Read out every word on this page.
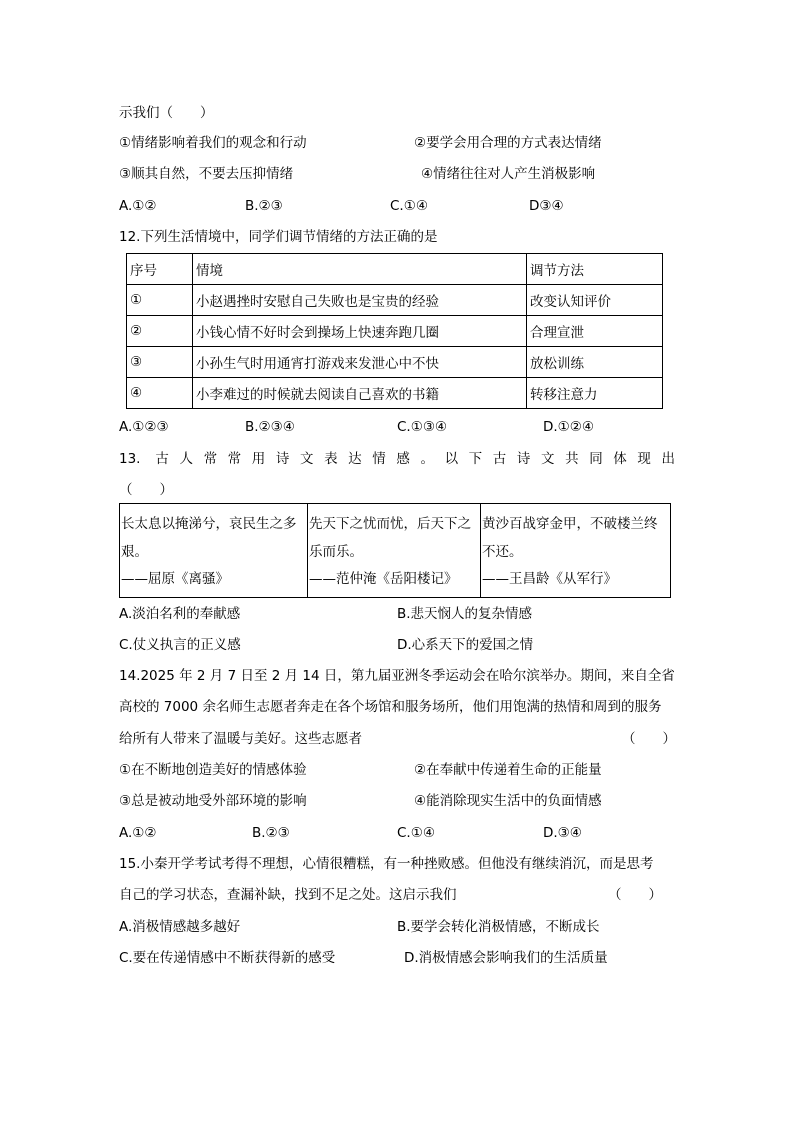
示我们（　　）
①情绪影响着我们的观念和行动	②要学会用合理的方式表达情绪
③顺其自然，不要去压抑情绪	④情绪往往对人产生消极影响
A.①②	B.②③	C.①④	D③④
12.下列生活情境中，同学们调节情绪的方法正确的是
序号	情境	调节方法
①	小赵遇挫时安慰自己失败也是宝贵的经验	改变认知评价
②	小钱心情不好时会到操场上快速奔跑几圈	合理宣泄
③	小孙生气时用通宵打游戏来发泄心中不快	放松训练
④	小李难过的时候就去阅读自己喜欢的书籍	转移注意力
A.①②③	B.②③④	C.①③④	D.①②④
13. 古人常常用诗文表达情感。以下古诗文共同体现出
（　　）
长太息以掩涕兮，哀民生之多
艰。
——屈原《离骚》

先天下之忧而忧，后天下之
乐而乐。
——范仲淹《岳阳楼记》

黄沙百战穿金甲，不破楼兰终
不还。
——王昌龄《从军行》
A.淡泊名利的奉献感	B.悲天悯人的复杂情感
C.仗义执言的正义感	D.心系天下的爱国之情
14.2025 年 2 月 7 日至 2 月 14 日，第九届亚洲冬季运动会在哈尔滨举办。期间，来自全省
高校的 7000 余名师生志愿者奔走在各个场馆和服务场所，他们用饱满的热情和周到的服务
给所有人带来了温暖与美好。这些志愿者	（　　）
①在不断地创造美好的情感体验	②在奉献中传递着生命的正能量
③总是被动地受外部环境的影响	④能消除现实生活中的负面情感
A.①②	B.②③	C.①④	D.③④
15.小秦开学考试考得不理想，心情很糟糕，有一种挫败感。但他没有继续消沉，而是思考
自己的学习状态，查漏补缺，找到不足之处。这启示我们	（　　）
A.消极情感越多越好	B.要学会转化消极情感，不断成长
C.要在传递情感中不断获得新的感受	D.消极情感会影响我们的生活质量
